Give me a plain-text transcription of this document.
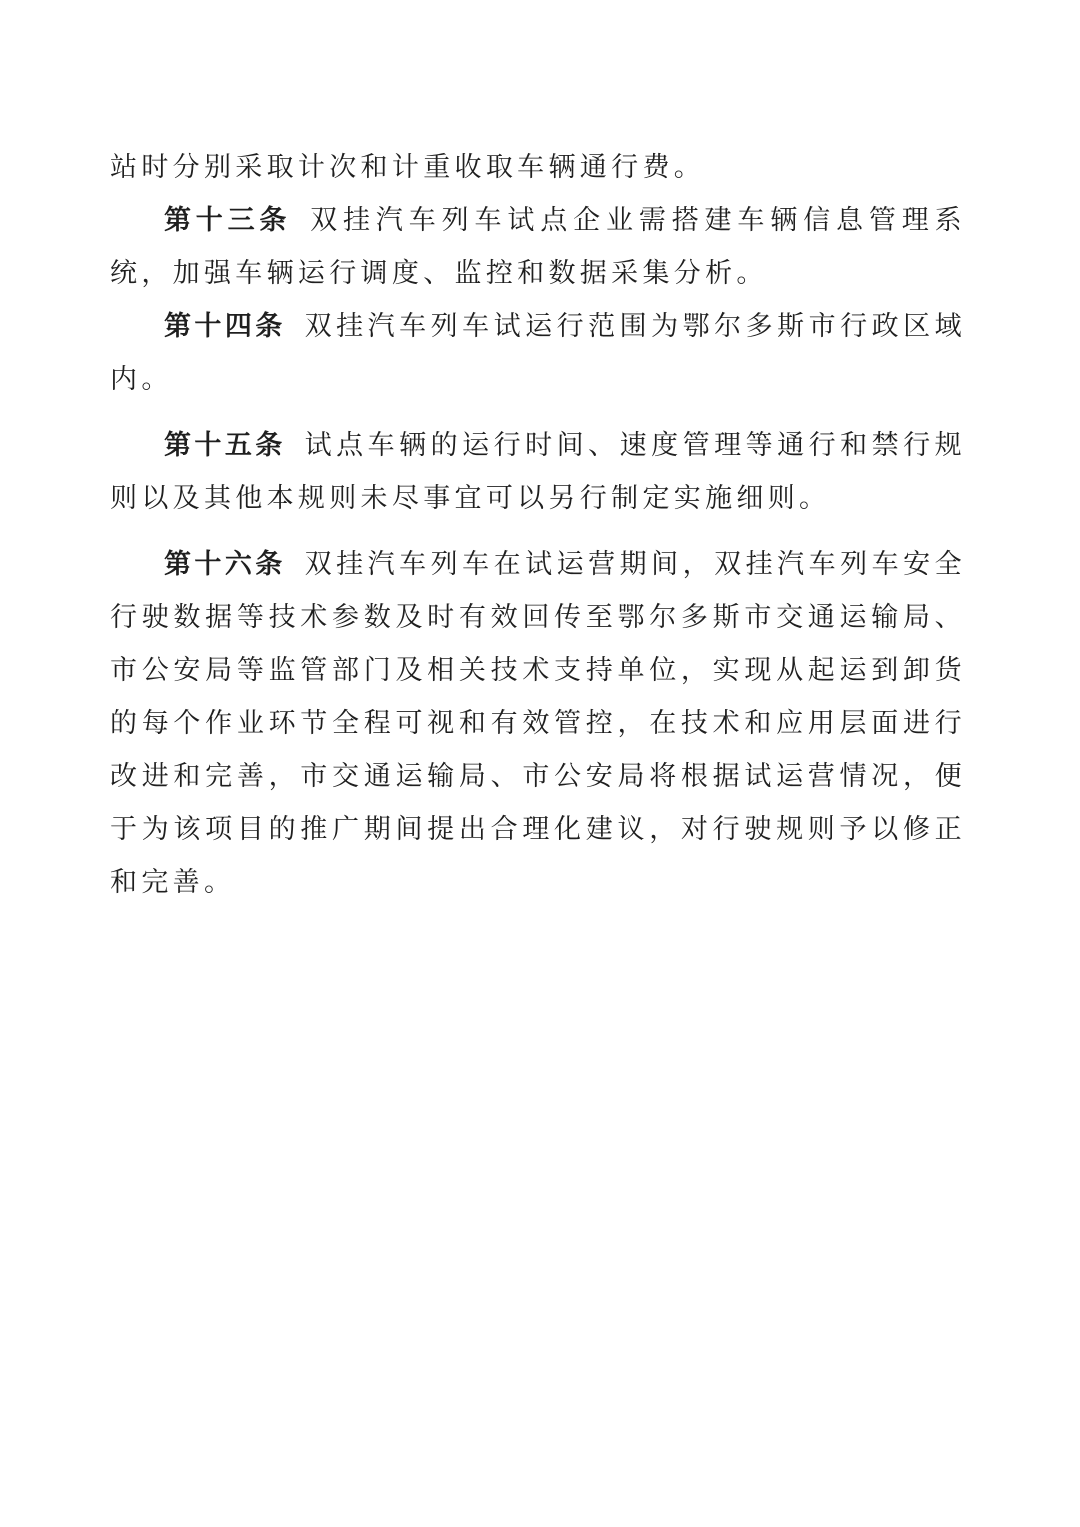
站时分别采取计次和计重收取车辆通行费。

第十三条 双挂汽车列车试点企业需搭建车辆信息管理系统，加强车辆运行调度、监控和数据采集分析。

第十四条 双挂汽车列车试运行范围为鄂尔多斯市行政区域内。

第十五条 试点车辆的运行时间、速度管理等通行和禁行规则以及其他本规则未尽事宜可以另行制定实施细则。

第十六条 双挂汽车列车在试运营期间，双挂汽车列车安全行驶数据等技术参数及时有效回传至鄂尔多斯市交通运输局、市公安局等监管部门及相关技术支持单位，实现从起运到卸货的每个作业环节全程可视和有效管控，在技术和应用层面进行改进和完善，市交通运输局、市公安局将根据试运营情况，便于为该项目的推广期间提出合理化建议，对行驶规则予以修正和完善。
